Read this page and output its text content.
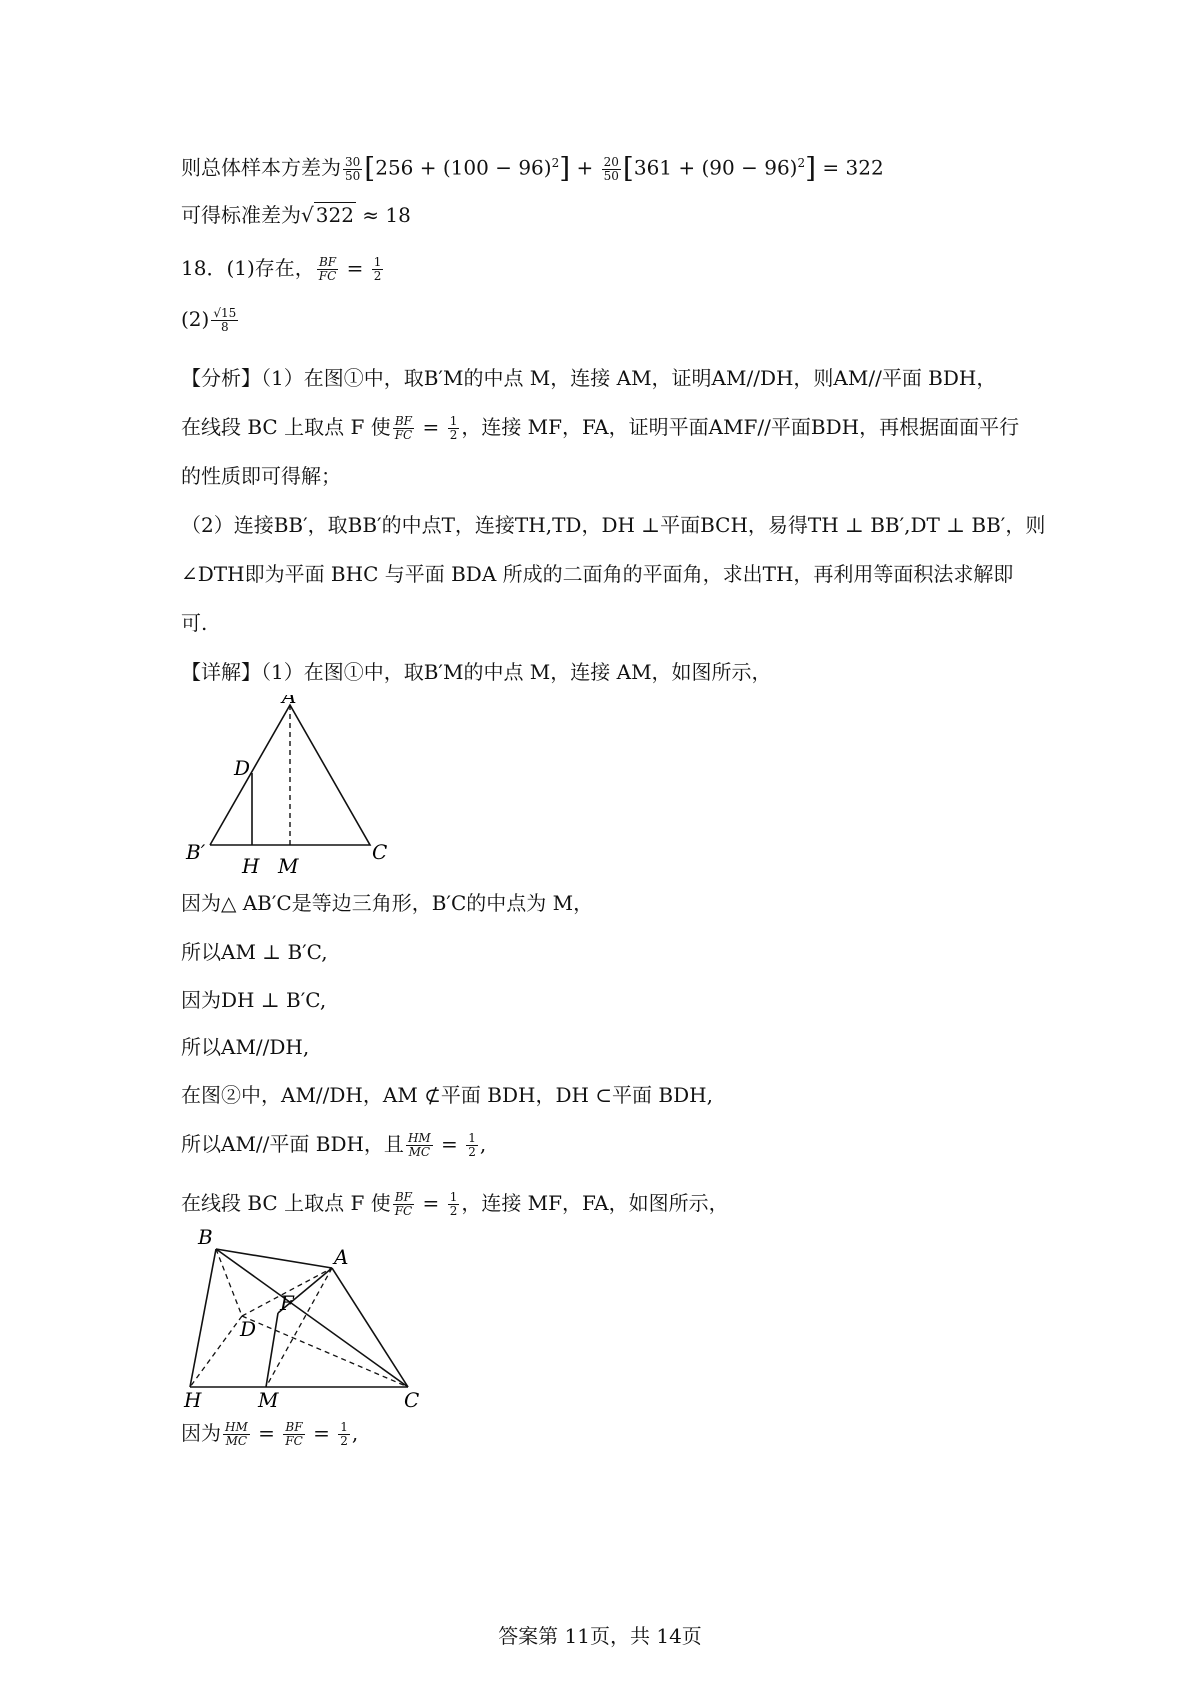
则总体样本方差为 $\frac{30}{50} [256 + (100 - 96)^2] + \frac{20}{50} [361 + (90 - 96)^2] = 322$
可得标准差为√ 322 ≈ 18
18．(1)存在， $\frac{BF}{FC} = \frac{1}{2}$
$(2) \frac{√15}{8}$
【分析】（1）在图①中，取B′M的中点 M，连接 AM，证明AM//DH，则AM//平面 BDH，
在线段 BC 上取点 F 使 $\frac{BF}{FC} = \frac{1}{2}$ ，连接 MF，FA，证明平面AMF//平面BDH，再根据面面平行
的性质即可得解；
（2）连接BB′，取BB′的中点T，连接TH,TD，DH ⊥平面BCH，易得TH ⊥ BB′,DT ⊥ BB′，则
∠DTH即为平面 BHC 与平面 BDA 所成的二面角的平面角，求出TH，再利用等面积法求解即
可.
【详解】（1）在图①中，取B′M的中点 M，连接 AM，如图所示，
A
D
B′
H M
C
因为△ AB′C是等边三角形，B′C的中点为 M，
所以AM ⊥ B′C,
因为DH ⊥ B′C,
所以AM//DH,
在图②中，AM//DH，AM ⊄平面 BDH，DH ⊂平面 BDH,
所以AM//平面 BDH，且 $\frac{HM}{MC} = \frac{1}{2}$ ,
在线段 BC 上取点 F 使 $\frac{BF}{FC} = \frac{1}{2}$ ，连接 MF，FA，如图所示，
B
A
F
D
H	M	C
因为 $\frac{HM}{MC} = \frac{BF}{FC} = \frac{1}{2}$ ,
答案第 11页，共 14页
